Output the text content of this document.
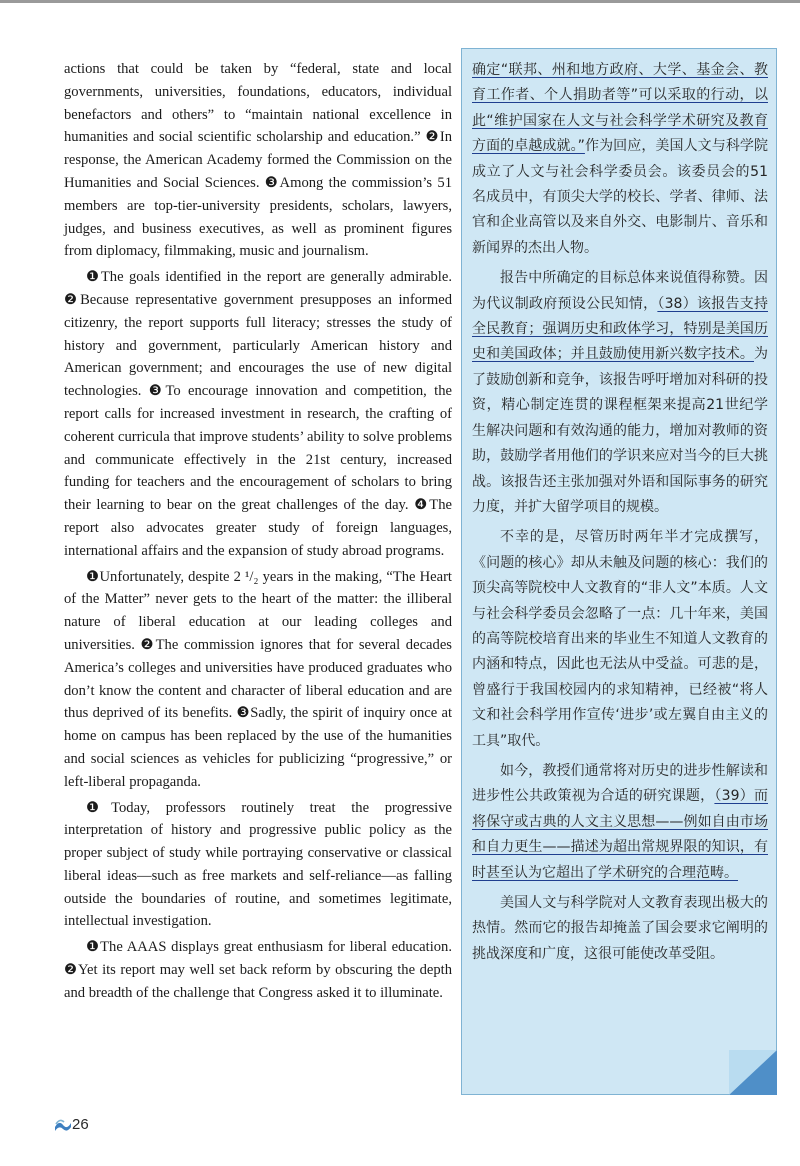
actions that could be taken by “federal, state and local governments, universities, foundations, educators, individual benefactors and others” to “maintain national excellence in humanities and social scientific scholarship and education.” ❷In response, the American Academy formed the Commission on the Humanities and Social Sciences. ❸Among the commission’s 51 members are top-tier-university presidents, scholars, lawyers, judges, and business executives, as well as prominent figures from diplomacy, filmmaking, music and journalism.

❶The goals identified in the report are generally admirable. ❷Because representative government presupposes an informed citizenry, the report supports full literacy; stresses the study of history and government, particularly American history and American government; and encourages the use of new digital technologies. ❸To encourage innovation and competition, the report calls for increased investment in research, the crafting of coherent curricula that improve students’ ability to solve problems and communicate effectively in the 21st century, increased funding for teachers and the encouragement of scholars to bring their learning to bear on the great challenges of the day. ❹The report also advocates greater study of foreign languages, international affairs and the expansion of study abroad programs.

❶Unfortunately, despite 2 ¹/₂ years in the making, “The Heart of the Matter” never gets to the heart of the matter: the illiberal nature of liberal education at our leading colleges and universities. ❷The commission ignores that for several decades America’s colleges and universities have produced graduates who don’t know the content and character of liberal education and are thus deprived of its benefits. ❸Sadly, the spirit of inquiry once at home on campus has been replaced by the use of the humanities and social sciences as vehicles for publicizing “progressive,” or left-liberal propaganda.

❶Today, professors routinely treat the progressive interpretation of history and progressive public policy as the proper subject of study while portraying conservative or classical liberal ideas—such as free markets and self-reliance—as falling outside the boundaries of routine, and sometimes legitimate, intellectual investigation.

❶The AAAS displays great enthusiasm for liberal education. ❷Yet its report may well set back reform by obscuring the depth and breadth of the challenge that Congress asked it to illuminate.

确定“联邦、州和地方政府、大学、基金会、教育工作者、个人捐助者等”可以采取的行动，以此“维护国家在人文与社会科学学术研究及教育方面的卓越成就。”作为回应，美国人文与科学院成立了人文与社会科学委员会。该委员会的51名成员中，有顶尖大学的校长、学者、律师、法官和企业高管以及来自外交、电影制片、音乐和新闻界的杰出人物。

报告中所确定的目标总体来说值得称赞。因为代议制政府预设公民知情，（38）该报告支持全民教育；强调历史和政体学习，特别是美国历史和美国政体；并且鼓励使用新兴数字技术。为了鼓励创新和竞争，该报告呼吁增加对科研的投资，精心制定连贯的课程框架来提高21世纪学生解决问题和有效沟通的能力，增加对教师的资助，鼓励学者用他们的学识来应对当今的巨大挑战。该报告还主张加强对外语和国际事务的研究力度，并扩大留学项目的规模。

不幸的是，尽管历时两年半才完成撰写，《问题的核心》却从未触及问题的核心：我们的顶尖高等院校中人文教育的“非人文”本质。人文与社会科学委员会忽略了一点：几十年来，美国的高等院校培育出来的毕业生不知道人文教育的内涵和特点，因此也无法从中受益。可悲的是，曾盛行于我国校园内的求知精神，已经被“将人文和社会科学用作宣传‘进步’或左翼自由主义的工具”取代。

如今，教授们通常将对历史的进步性解读和进步性公共政策视为合适的研究课题，（39）而将保守或古典的人文主义思想——例如自由市场和自力更生——描述为超出常规界限的知识，有时甚至认为它超出了学术研究的合理范畴。

美国人文与科学院对人文教育表现出极大的热情。然而它的报告却掩盖了国会要求它阐明的挑战深度和广度，这很可能使改革受阻。

26
